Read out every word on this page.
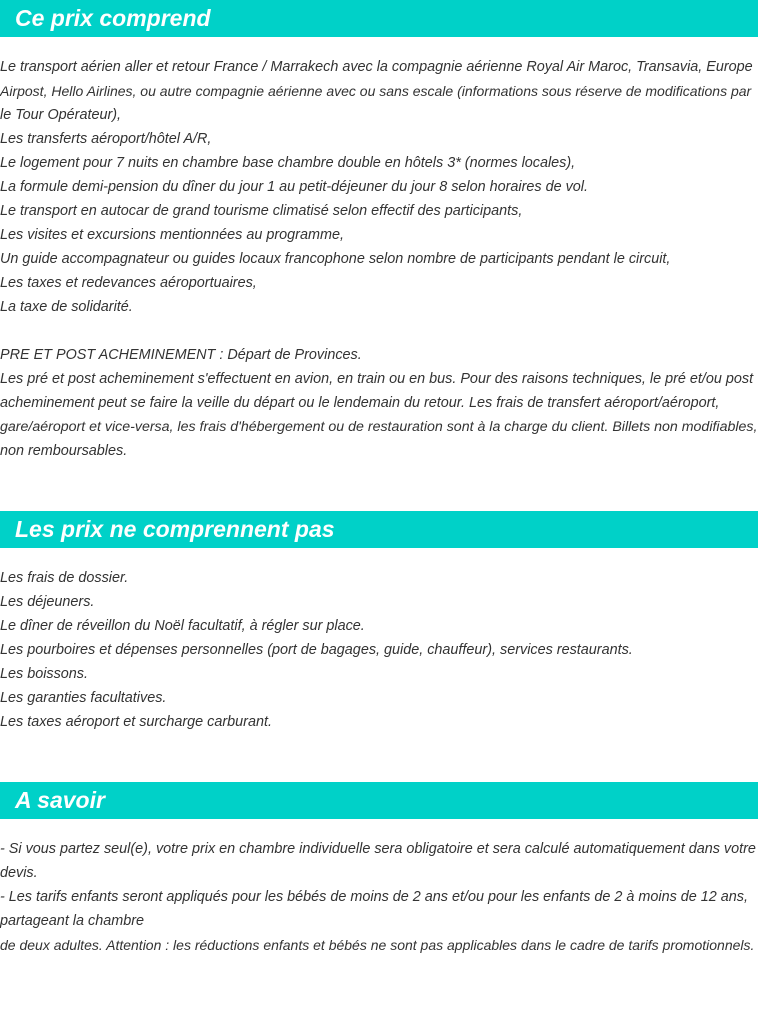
Ce prix comprend
Le transport aérien aller et retour France / Marrakech avec la compagnie aérienne Royal Air Maroc, Transavia, Europe
Airpost, Hello Airlines, ou autre compagnie aérienne avec ou sans escale (informations sous réserve de modifications par
le Tour Opérateur),
Les transferts aéroport/hôtel A/R,
Le logement pour 7 nuits en chambre base chambre double en hôtels 3* (normes locales),
La formule demi-pension du dîner du jour 1 au petit-déjeuner du jour 8 selon horaires de vol.
Le transport en autocar de grand tourisme climatisé selon effectif des participants,
Les visites et excursions mentionnées au programme,
Un guide accompagnateur ou guides locaux francophone selon nombre de participants pendant le circuit,
Les taxes et redevances aéroportuaires,
La taxe de solidarité.
PRE ET POST ACHEMINEMENT : Départ de Provinces.
Les pré et post acheminement s'effectuent en avion, en train ou en bus. Pour des raisons techniques, le pré et/ou post
acheminement peut se faire la veille du départ ou le lendemain du retour. Les frais de transfert aéroport/aéroport,
gare/aéroport et vice-versa, les frais d'hébergement ou de restauration sont à la charge du client. Billets non modifiables,
non remboursables.
Les prix ne comprennent pas
Les frais de dossier.
Les déjeuners.
Le dîner de réveillon du Noël facultatif, à régler sur place.
Les pourboires et dépenses personnelles (port de bagages, guide, chauffeur), services restaurants.
Les boissons.
Les garanties facultatives.
Les taxes aéroport et surcharge carburant.
A savoir
- Si vous partez seul(e), votre prix en chambre individuelle sera obligatoire et sera calculé automatiquement dans votre
devis.
- Les tarifs enfants seront appliqués pour les bébés de moins de 2 ans et/ou pour les enfants de 2 à moins de 12 ans,
partageant la chambre
de deux adultes. Attention : les réductions enfants et bébés ne sont pas applicables dans le cadre de tarifs promotionnels.
